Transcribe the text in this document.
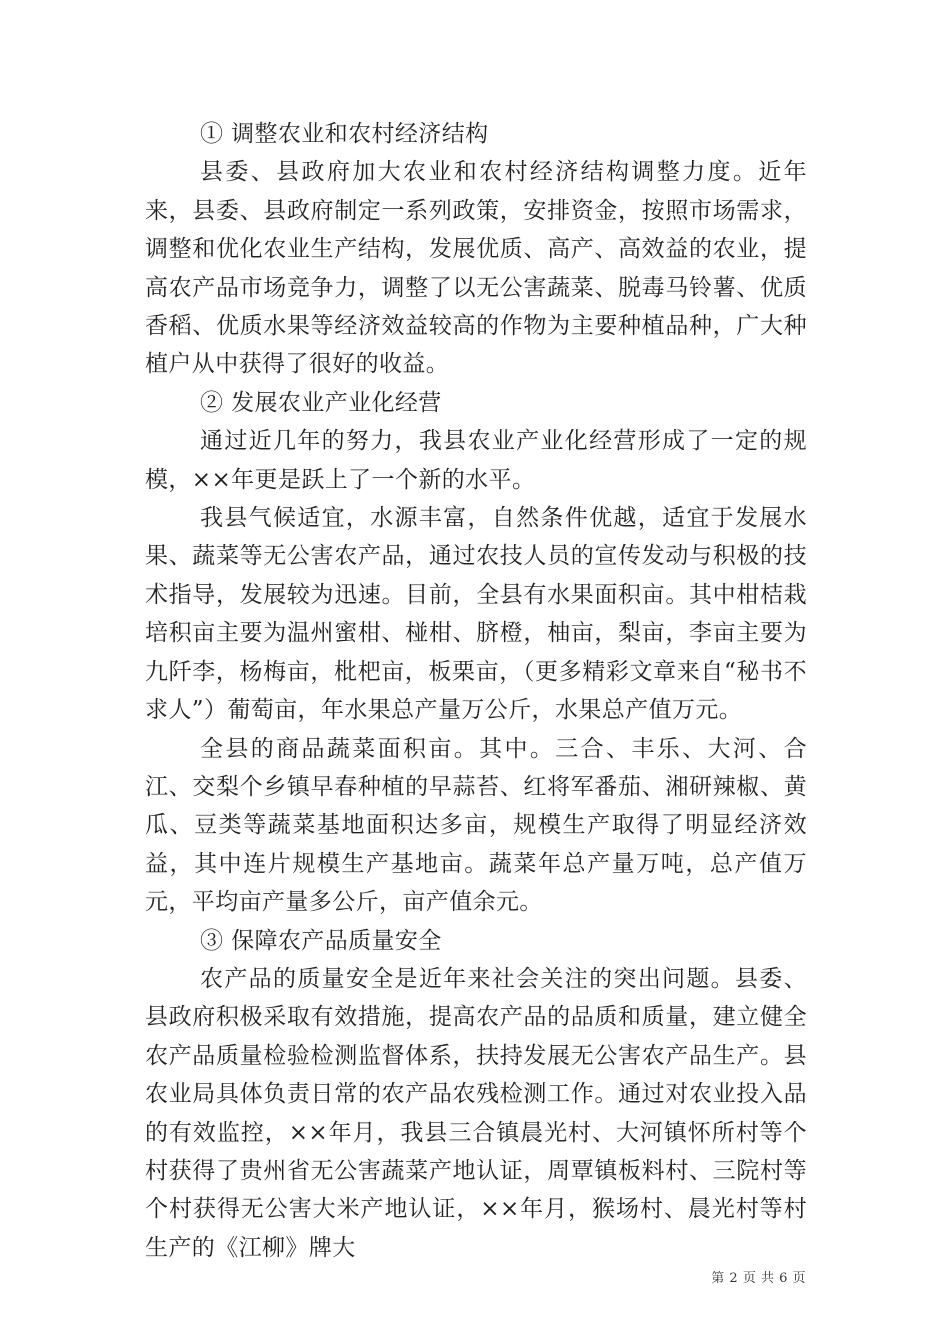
① 调整农业和农村经济结构

县委、县政府加大农业和农村经济结构调整力度。近年来，县委、县政府制定一系列政策，安排资金，按照市场需求，调整和优化农业生产结构，发展优质、高产、高效益的农业，提高农产品市场竞争力，调整了以无公害蔬菜、脱毒马铃薯、优质香稻、优质水果等经济效益较高的作物为主要种植品种，广大种植户从中获得了很好的收益。

② 发展农业产业化经营

通过近几年的努力，我县农业产业化经营形成了一定的规模，××年更是跃上了一个新的水平。

我县气候适宜，水源丰富，自然条件优越，适宜于发展水果、蔬菜等无公害农产品，通过农技人员的宣传发动与积极的技术指导，发展较为迅速。目前，全县有水果面积亩。其中柑桔栽培积亩主要为温州蜜柑、椪柑、脐橙，柚亩，梨亩，李亩主要为九阡李，杨梅亩，枇杷亩，板栗亩，（更多精彩文章来自“秘书不求人”）葡萄亩，年水果总产量万公斤，水果总产值万元。

全县的商品蔬菜面积亩。其中。三合、丰乐、大河、合江、交梨个乡镇早春种植的早蒜苔、红将军番茄、湘研辣椒、黄瓜、豆类等蔬菜基地面积达多亩，规模生产取得了明显经济效益，其中连片规模生产基地亩。蔬菜年总产量万吨，总产值万元，平均亩产量多公斤，亩产值余元。

③ 保障农产品质量安全

农产品的质量安全是近年来社会关注的突出问题。县委、县政府积极采取有效措施，提高农产品的品质和质量，建立健全农产品质量检验检测监督体系，扶持发展无公害农产品生产。县农业局具体负责日常的农产品农残检测工作。通过对农业投入品的有效监控，××年月，我县三合镇晨光村、大河镇怀所村等个村获得了贵州省无公害蔬菜产地认证，周覃镇板料村、三院村等个村获得无公害大米产地认证，××年月，猴场村、晨光村等村生产的《江柳》牌大

第 2 页 共 6 页
